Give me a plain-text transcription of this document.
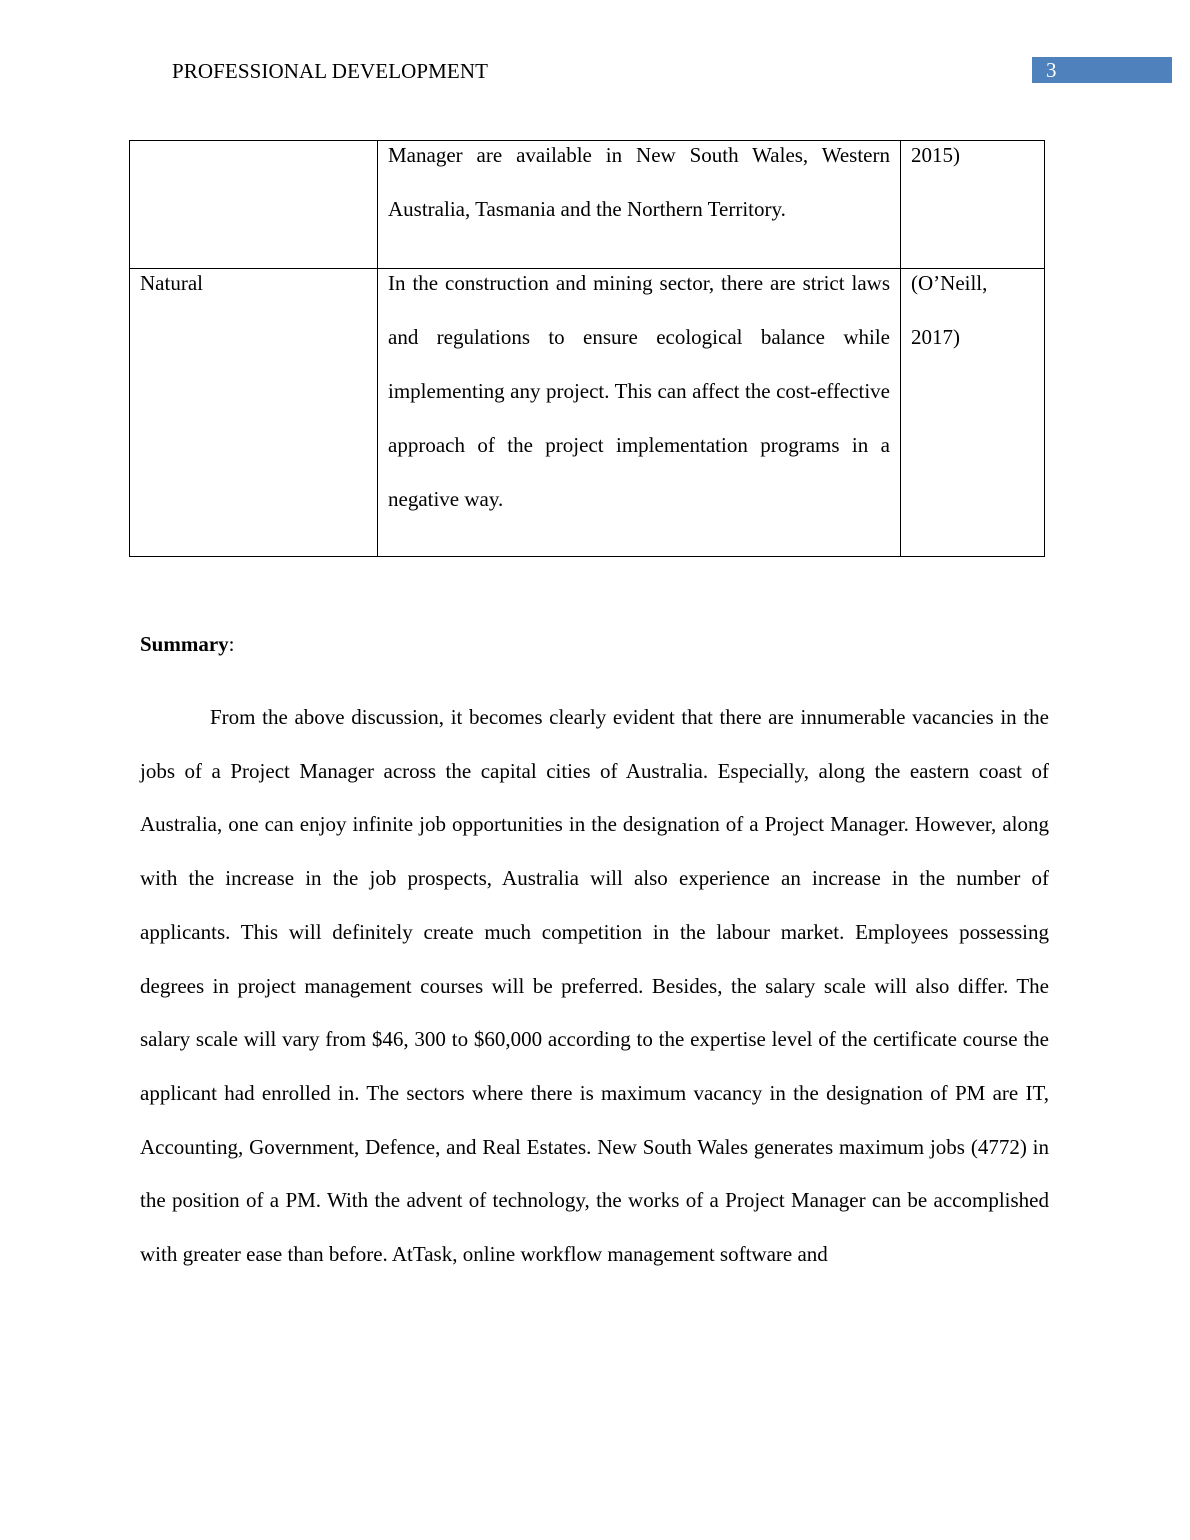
PROFESSIONAL DEVELOPMENT	3

	Manager are available in New South Wales, Western Australia, Tasmania and the Northern Territory.	2015)

Natural	In the construction and mining sector, there are strict laws and regulations to ensure ecological balance while implementing any project. This can affect the cost-effective approach of the project implementation programs in a negative way.	(O’Neill, 2017)
Summary:

From the above discussion, it becomes clearly evident that there are innumerable vacancies in the jobs of a Project Manager across the capital cities of Australia. Especially, along the eastern coast of Australia, one can enjoy infinite job opportunities in the designation of a Project Manager. However, along with the increase in the job prospects, Australia will also experience an increase in the number of applicants. This will definitely create much competition in the labour market. Employees possessing degrees in project management courses will be preferred. Besides, the salary scale will also differ. The salary scale will vary from $46, 300 to $60,000 according to the expertise level of the certificate course the applicant had enrolled in. The sectors where there is maximum vacancy in the designation of PM are IT, Accounting, Government, Defence, and Real Estates. New South Wales generates maximum jobs (4772) in the position of a PM. With the advent of technology, the works of a Project Manager can be accomplished with greater ease than before. AtTask, online workflow management software and
